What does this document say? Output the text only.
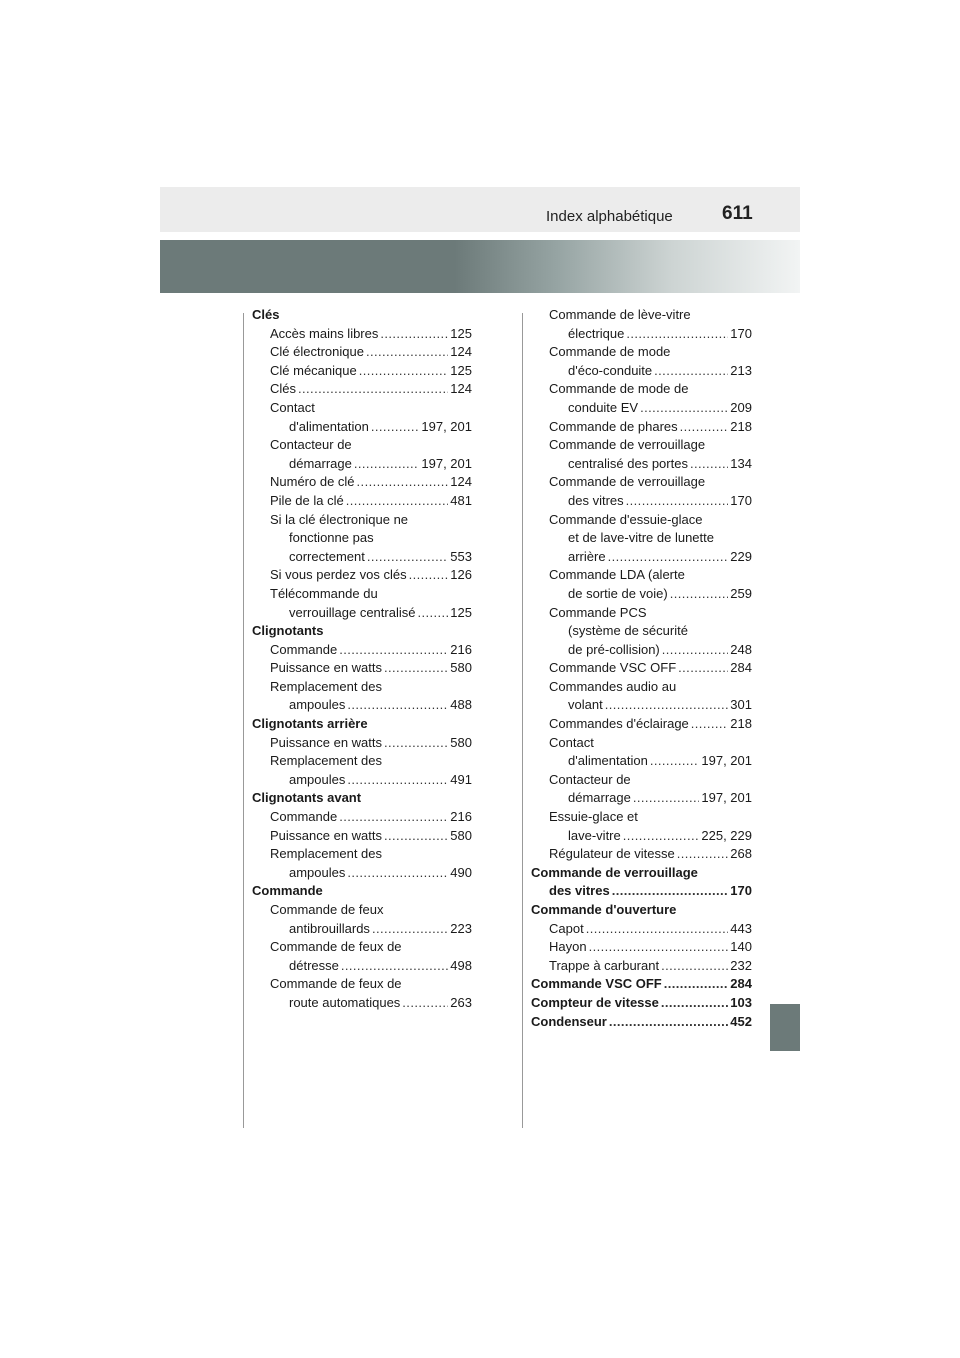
Index alphabétique	611
Clés
Accès mains libres .....	125
Clé électronique .....	124
Clé mécanique .....	125
Clés .....	124
Contact
d'alimentation .....	197, 201
Contacteur de
démarrage .....	197, 201
Numéro de clé .....	124
Pile de la clé .....	481
Si la clé électronique ne
fonctionne pas
correctement .....	553
Si vous perdez vos clés .....	126
Télécommande du
verrouillage centralisé .....	125
Clignotants
Commande .....	216
Puissance en watts .....	580
Remplacement des
ampoules .....	488
Clignotants arrière
Puissance en watts .....	580
Remplacement des
ampoules .....	491
Clignotants avant
Commande .....	216
Puissance en watts .....	580
Remplacement des
ampoules .....	490
Commande
Commande de feux
antibrouillards .....	223
Commande de feux de
détresse .....	498
Commande de feux de
route automatiques .....	263
Commande de lève-vitre
électrique .....	170
Commande de mode
d'éco-conduite .....	213
Commande de mode de
conduite EV .....	209
Commande de phares .....	218
Commande de verrouillage
centralisé des portes .....	134
Commande de verrouillage
des vitres .....	170
Commande d'essuie-glace
et de lave-vitre de lunette
arrière .....	229
Commande LDA (alerte
de sortie de voie) .....	259
Commande PCS
(système de sécurité
de pré-collision) .....	248
Commande VSC OFF .....	284
Commandes audio au
volant .....	301
Commandes d'éclairage .....	218
Contact
d'alimentation .....	197, 201
Contacteur de
démarrage .....	197, 201
Essuie-glace et
lave-vitre .....	225, 229
Régulateur de vitesse .....	268
Commande de verrouillage
des vitres .....	170
Commande d'ouverture
Capot .....	443
Hayon .....	140
Trappe à carburant .....	232
Commande VSC OFF .....	284
Compteur de vitesse .....	103
Condenseur .....	452
